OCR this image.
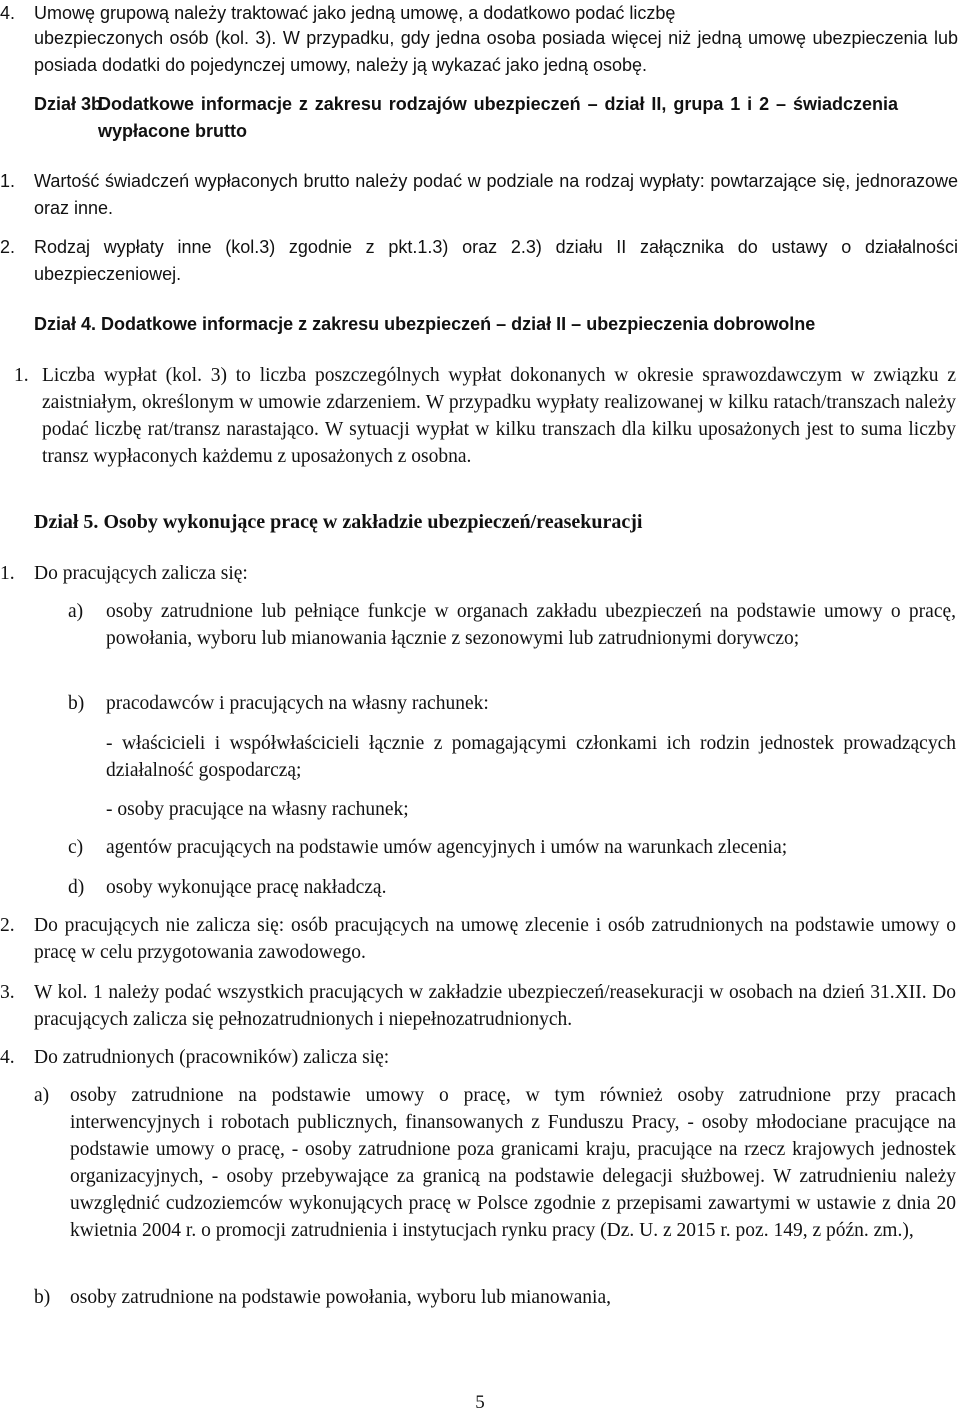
4. Umowę grupową należy traktować jako jedną umowę, a dodatkowo podać liczbę
ubezpieczonych osób (kol. 3). W przypadku, gdy jedna osoba posiada więcej niż jedną umowę ubezpieczenia lub posiada dodatki do pojedynczej umowy, należy ją wykazać jako jedną osobę.
Dział 3b.
Dodatkowe informacje z zakresu rodzajów ubezpieczeń – dział II, grupa 1 i 2 – świadczenia wypłacone brutto
1. Wartość świadczeń wypłaconych brutto należy podać w podziale na rodzaj wypłaty: powtarzające się, jednorazowe oraz inne.
2. Rodzaj wypłaty inne (kol.3) zgodnie z pkt.1.3) oraz 2.3) działu II załącznika do ustawy o działalności ubezpieczeniowej.
Dział 4. Dodatkowe informacje z zakresu ubezpieczeń – dział II – ubezpieczenia dobrowolne
1. Liczba wypłat (kol. 3) to liczba poszczególnych wypłat dokonanych w okresie sprawozdawczym w związku z zaistniałym, określonym w umowie zdarzeniem. W przypadku wypłaty realizowanej w kilku ratach/transzach należy podać liczbę rat/transz narastająco. W sytuacji wypłat w kilku transzach dla kilku uposażonych jest to suma liczby transz wypłaconych każdemu z uposażonych z osobna.
Dział 5. Osoby wykonujące pracę w zakładzie ubezpieczeń/reasekuracji
1. Do pracujących zalicza się:
a) osoby zatrudnione lub pełniące funkcje w organach zakładu ubezpieczeń na podstawie umowy o pracę, powołania, wyboru lub mianowania łącznie z sezonowymi lub zatrudnionymi dorywczo;
b) pracodawców i pracujących na własny rachunek:
- właścicieli i współwłaścicieli łącznie z pomagającymi członkami ich rodzin jednostek prowadzących działalność gospodarczą;
- osoby pracujące na własny rachunek;
c) agentów pracujących na podstawie umów agencyjnych i umów na warunkach zlecenia;
d) osoby wykonujące pracę nakładczą.
2. Do pracujących nie zalicza się: osób pracujących na umowę zlecenie i osób zatrudnionych na podstawie umowy o pracę w celu przygotowania zawodowego.
3. W kol. 1 należy podać wszystkich pracujących w zakładzie ubezpieczeń/reasekuracji w osobach na dzień 31.XII. Do pracujących zalicza się pełnozatrudnionych i niepełnozatrudnionych.
4. Do zatrudnionych (pracowników) zalicza się:
a) osoby zatrudnione na podstawie umowy o pracę, w tym również osoby zatrudnione przy pracach interwencyjnych i robotach publicznych, finansowanych z Funduszu Pracy, - osoby młodociane pracujące na podstawie umowy o pracę, - osoby zatrudnione poza granicami kraju, pracujące na rzecz krajowych jednostek organizacyjnych, - osoby przebywające za granicą na podstawie delegacji służbowej. W zatrudnieniu należy uwzględnić cudzoziemców wykonujących pracę w Polsce zgodnie z przepisami zawartymi w ustawie z dnia 20 kwietnia 2004 r. o promocji zatrudnienia i instytucjach rynku pracy (Dz. U. z 2015 r. poz. 149, z późn. zm.),
b) osoby zatrudnione na podstawie powołania, wyboru lub mianowania,
5
